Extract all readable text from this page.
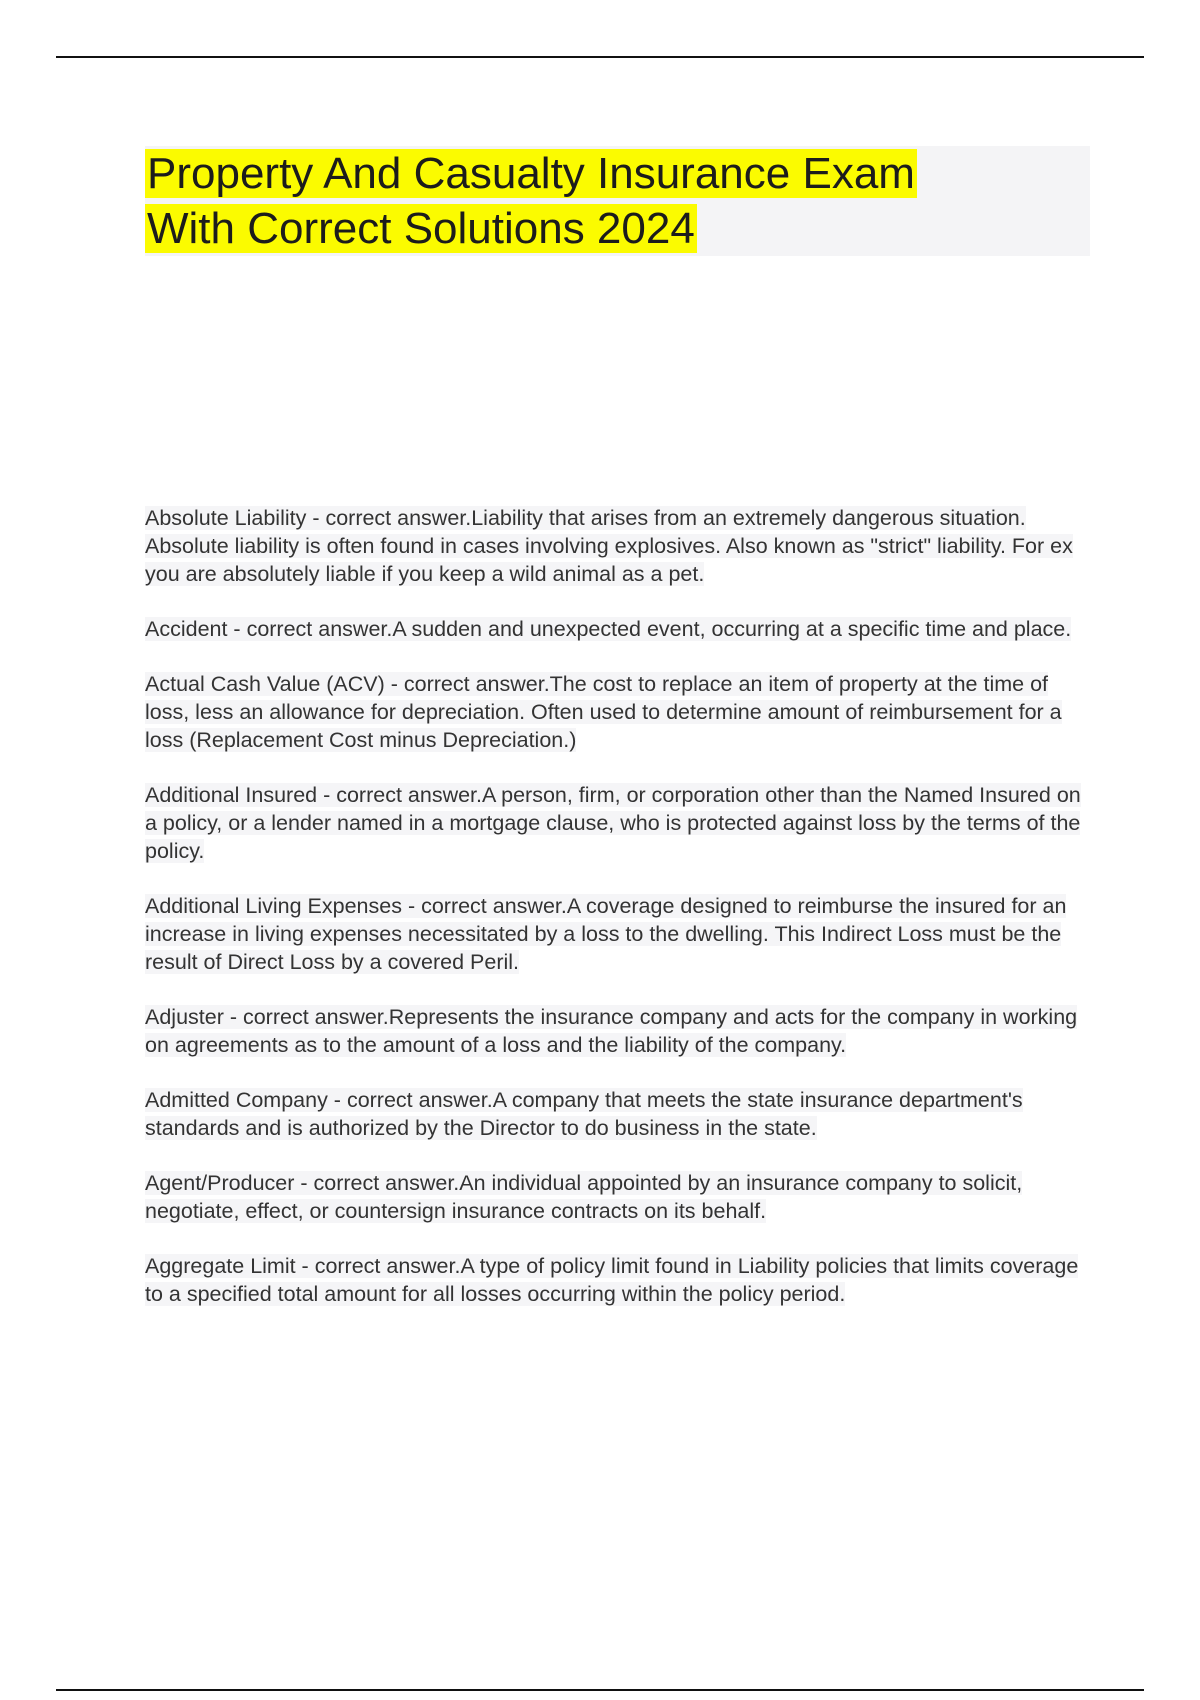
Property And Casualty Insurance Exam
With Correct Solutions 2024

Absolute Liability - correct answer.Liability that arises from an extremely dangerous situation. Absolute liability is often found in cases involving explosives. Also known as "strict" liability. For ex you are absolutely liable if you keep a wild animal as a pet.

Accident - correct answer.A sudden and unexpected event, occurring at a specific time and place.

Actual Cash Value (ACV) - correct answer.The cost to replace an item of property at the time of loss, less an allowance for depreciation. Often used to determine amount of reimbursement for a loss (Replacement Cost minus Depreciation.)

Additional Insured - correct answer.A person, firm, or corporation other than the Named Insured on a policy, or a lender named in a mortgage clause, who is protected against loss by the terms of the policy.

Additional Living Expenses - correct answer.A coverage designed to reimburse the insured for an increase in living expenses necessitated by a loss to the dwelling. This Indirect Loss must be the result of Direct Loss by a covered Peril.

Adjuster - correct answer.Represents the insurance company and acts for the company in working on agreements as to the amount of a loss and the liability of the company.

Admitted Company - correct answer.A company that meets the state insurance department's standards and is authorized by the Director to do business in the state.

Agent/Producer - correct answer.An individual appointed by an insurance company to solicit, negotiate, effect, or countersign insurance contracts on its behalf.

Aggregate Limit - correct answer.A type of policy limit found in Liability policies that limits coverage to a specified total amount for all losses occurring within the policy period.
